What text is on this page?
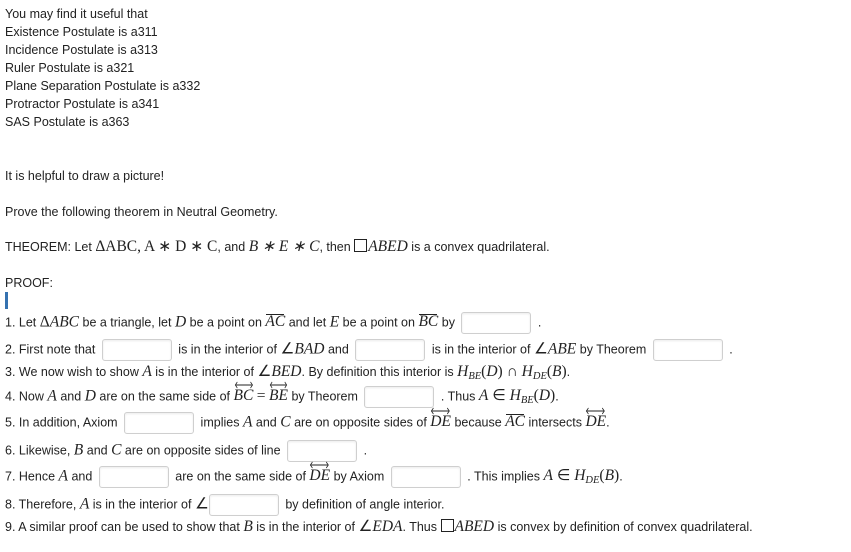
You may find it useful that
Existence Postulate is a311
Incidence Postulate is a313
Ruler Postulate is a321
Plane Separation Postulate is a332
Protractor Postulate is a341
SAS Postulate is a363
It is helpful to draw a picture!
Prove the following theorem in Neutral Geometry.
THEOREM: Let ΔABC, A ∗ D ∗ C, and B ∗ E ∗ C, then ABED is a convex quadrilateral.
PROOF:
1. Let ΔABC be a triangle, let D be a point on AC and let E be a point on BC by	.
2. First note that	is in the interior of ∠BAD and	is in the interior of ∠ABE by Theorem	.
3. We now wish to show A is in the interior of ∠BED. By definition this interior is $H_{BE}(D)$ ∩ $H_{DE}(B)$.
4. Now A and D are on the same side of BC = BE by Theorem	. Thus A ∈ $H_{BE}(D)$.
5. In addition, Axiom	implies A and C are on opposite sides of DE because AC intersects DE.
6. Likewise, B and C are on opposite sides of line	.
7. Hence A and	are on the same side of DE by Axiom	. This implies A ∈ $H_{DE}(B)$.
8. Therefore, A is in the interior of ∠	by definition of angle interior.
9. A similar proof can be used to show that B is in the interior of ∠EDA. Thus ABED is convex by definition of convex quadrilateral.
